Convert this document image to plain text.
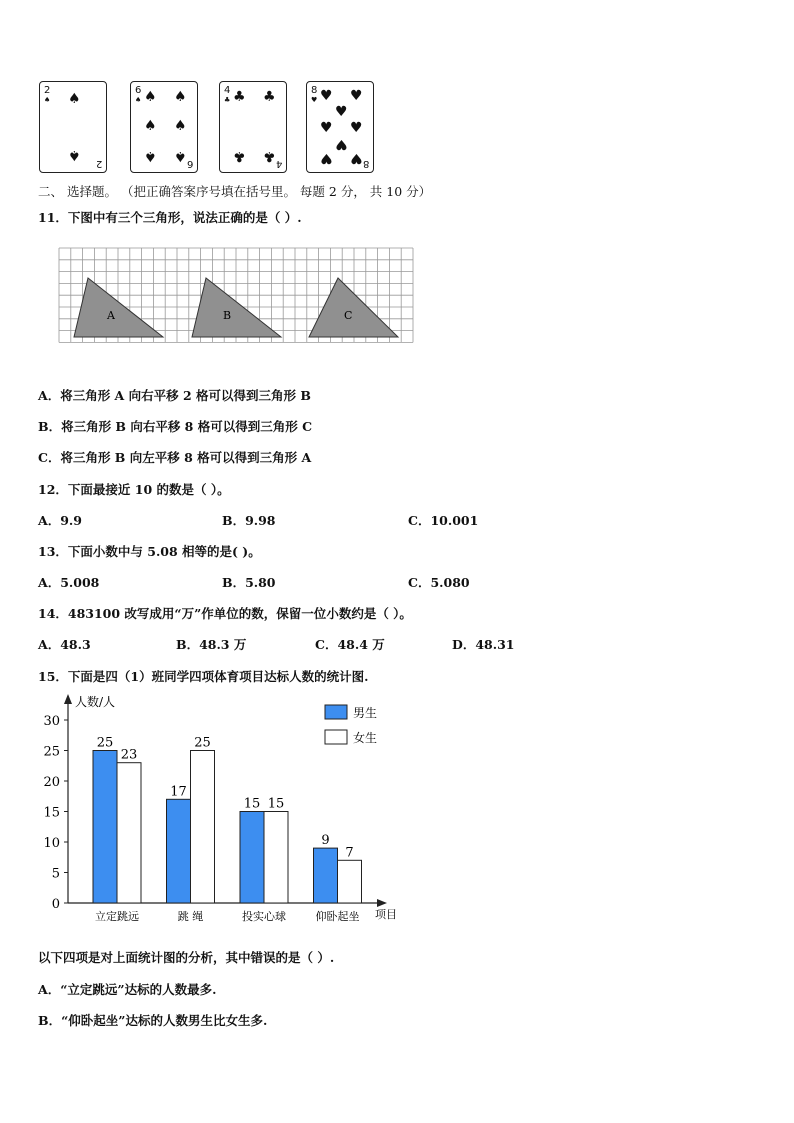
2
♠ ♠
♠
2
6
♠ ♠ ♠
♠ ♠
♠ ♠ 6
4
♣ ♣ ♣
♣ ♣ 4
8
♥ ♥ ♥
♥
♥ ♥
♥
♥ ♥ 8
二、 选择题。 （把正确答案序号填在括号里。 每题 2 分， 共 10 分）
11．下图中有三个三角形，说法正确的是（ ）.
A	B	C
A．将三角形 A 向右平移 2 格可以得到三角形 B
B．将三角形 B 向右平移 8 格可以得到三角形 C
C．将三角形 B 向左平移 8 格可以得到三角形 A
12．下面最接近 10 的数是（ ）。
A．9.9	B．9.98	C．10.001
13．下面小数中与 5.08 相等的是( )。
A．5.008	B．5.80	C．5.080
14．483100 改写成用“万”作单位的数，保留一位小数约是（ ）。
A．48.3	B．48.3 万	C．48.4 万	D．48.31
15．下面是四（1）班同学四项体育项目达标人数的统计图.
人数/人
项目
0
5
10
15
20
25
30
25
23
17
25
15 15
9
7
立定跳远	跳 绳	投实心球	仰卧起坐
男生
女生
以下四项是对上面统计图的分析，其中错误的是（ ）.
A．“立定跳远”达标的人数最多.
B．“仰卧起坐”达标的人数男生比女生多.
